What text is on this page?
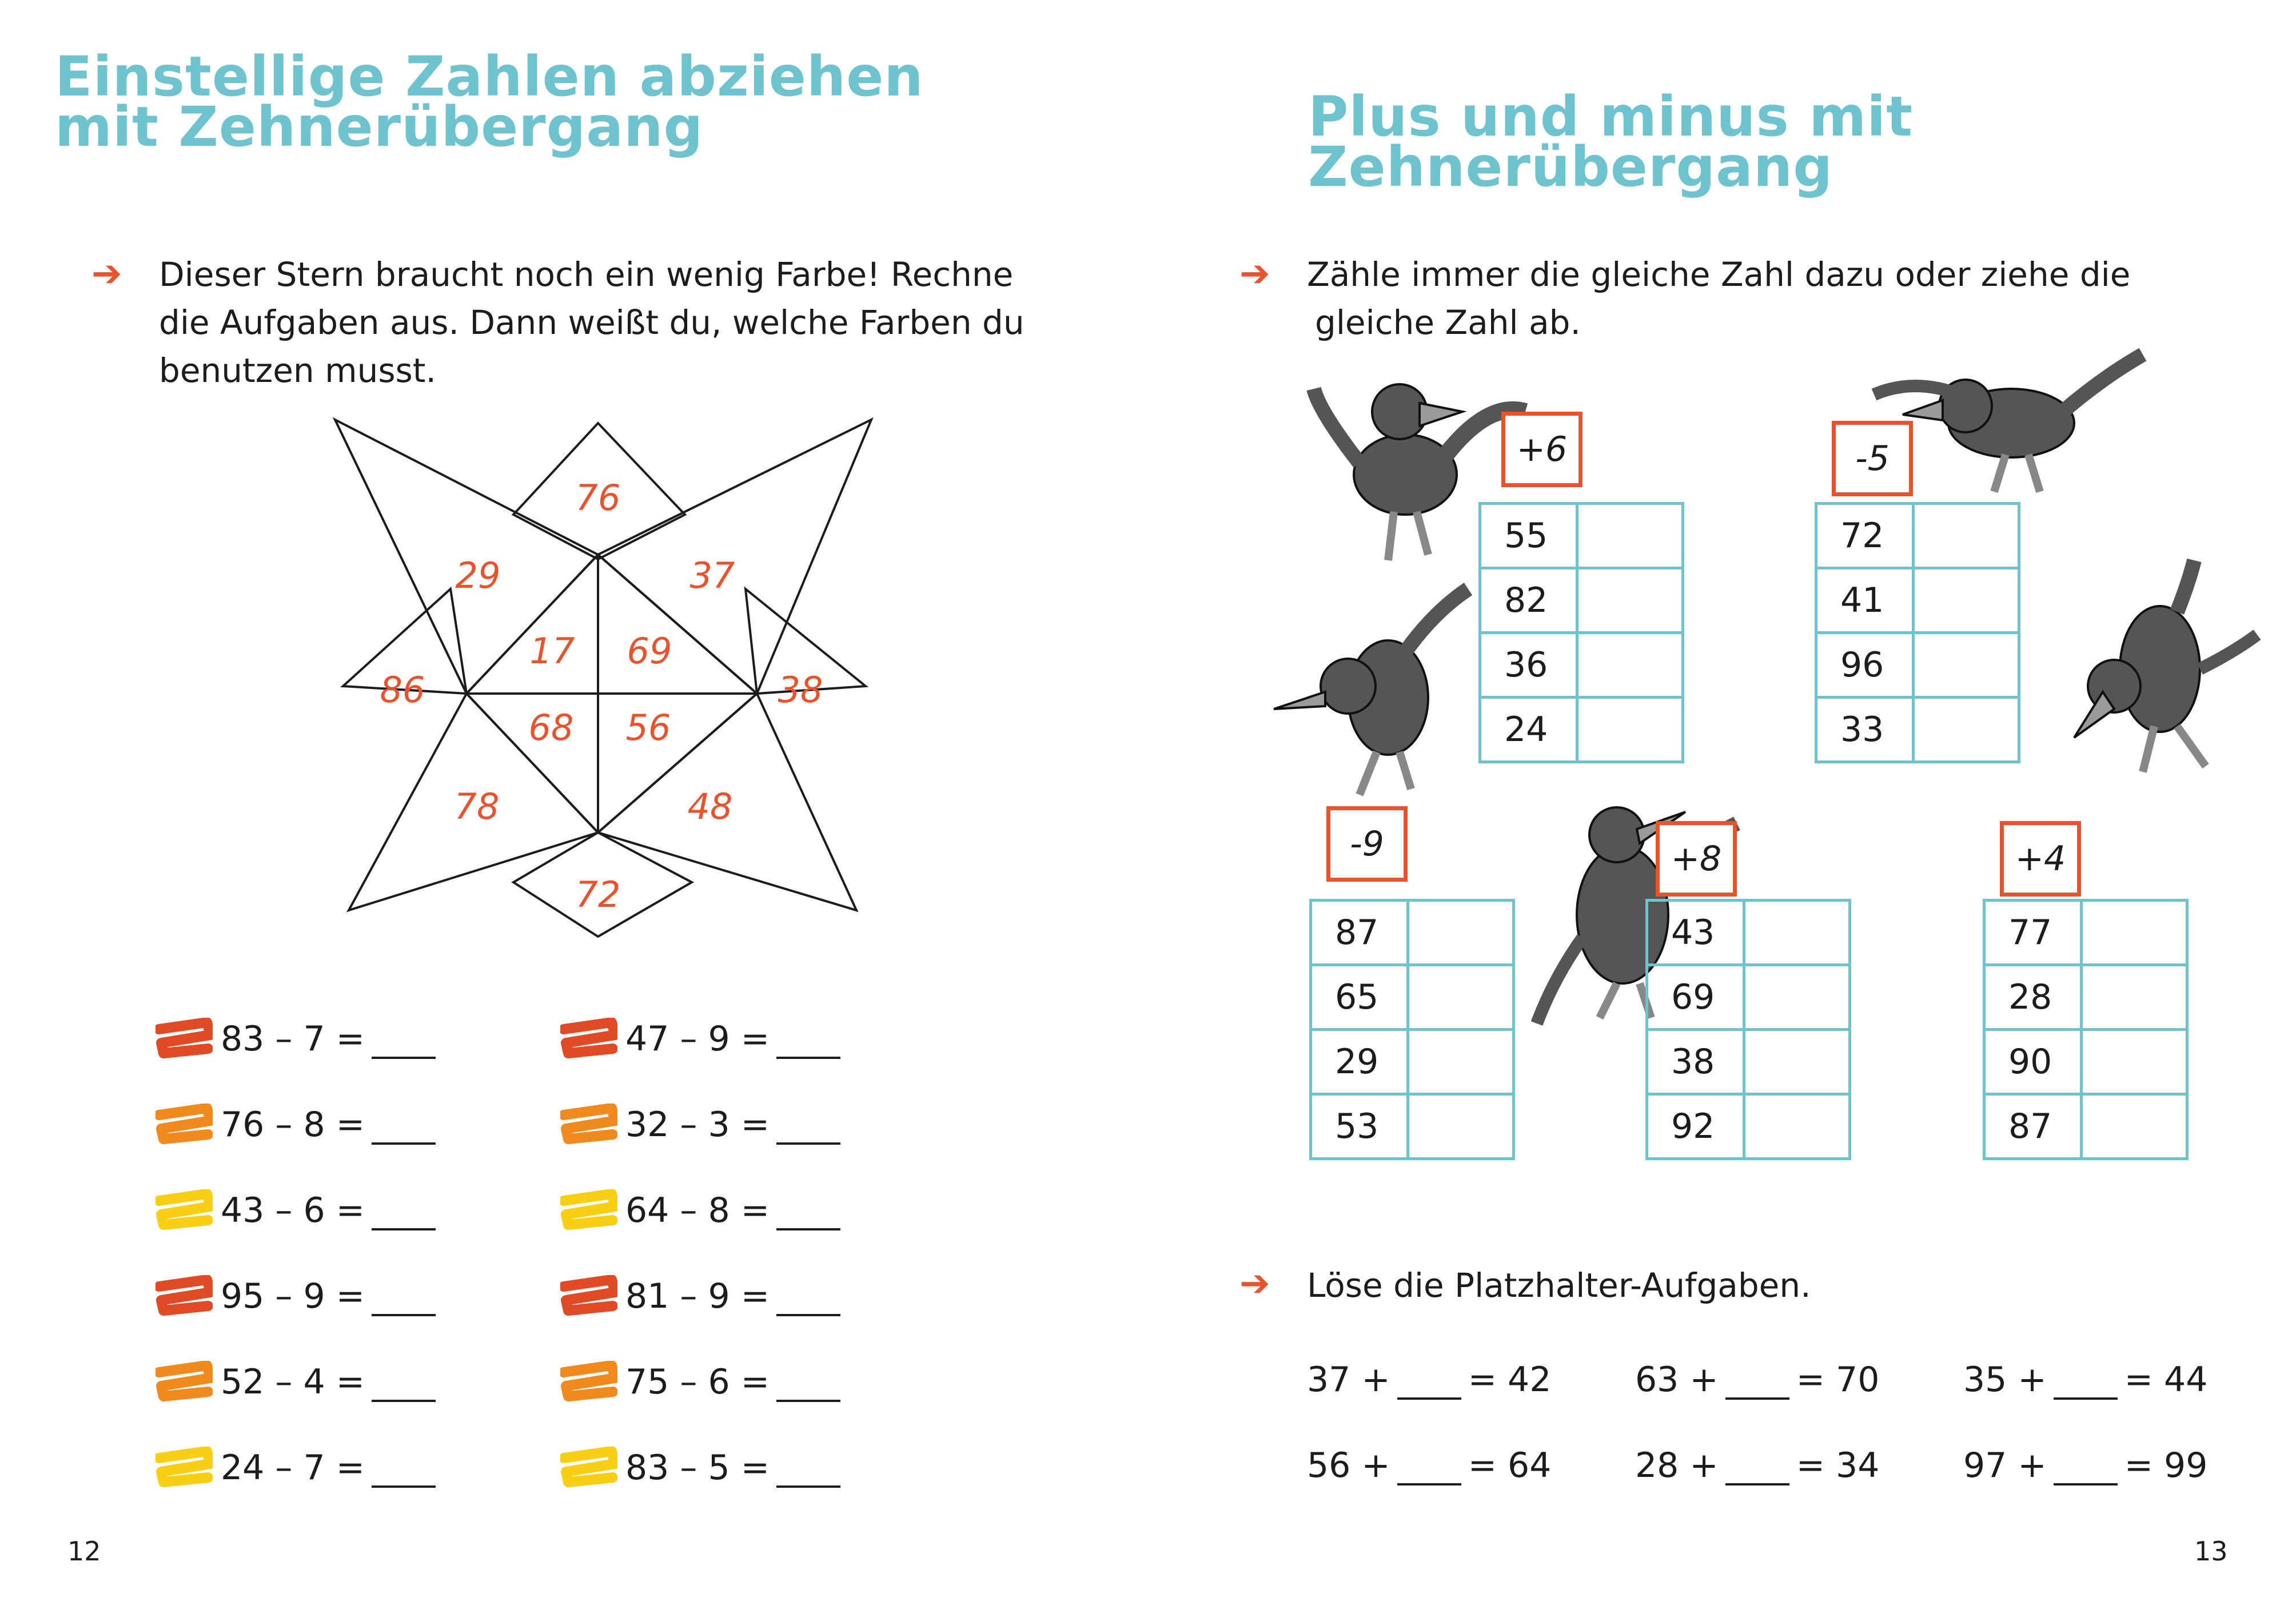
Einstellige Zahlen abziehen
mit Zehnerübergang
➔ Dieser Stern braucht noch ein wenig Farbe! Rechne
die Aufgaben aus. Dann weißt du, welche Farben du
benutzen musst.
76
29	37
86
17 69
38
68 56
78	48
72
83 – 7 =
76 – 8 =
43 – 6 =
95 – 9 =
52 – 4 =
24 – 7 =
47 – 9 =
32 – 3 =
64 – 8 =
81 – 9 =
75 – 6 =
83 – 5 =
12
Plus und minus mit Zehnerübergang
➔ Zähle immer die gleiche Zahl dazu oder ziehe die
gleiche Zahl ab.
+6
55	
82	
36	
24	
-5
72	
41	
96	
33	
-9
87	
65	
29	
53	
+8
43	
69	
38	
92	
+4
77	
28	
90	
87	
➔ Löse die Platzhalter-Aufgaben.
37 + = 42 63 + = 70 35 + = 44
56 + = 64 28 + = 34 97 + = 99
13
